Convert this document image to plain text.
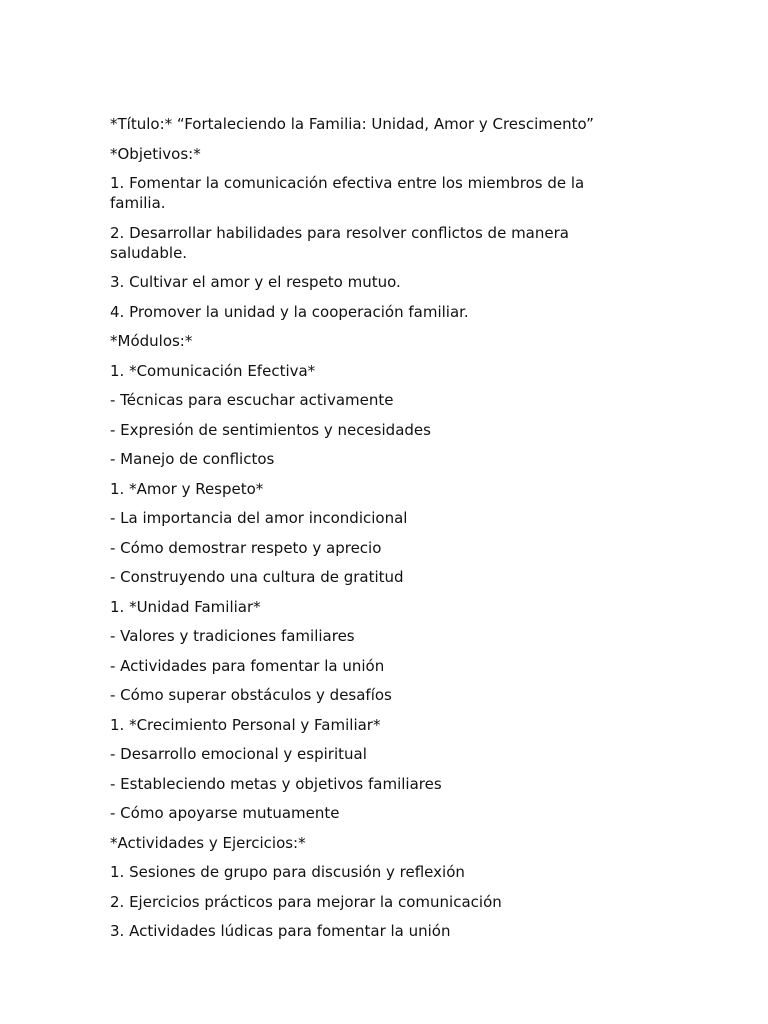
*Título:* “Fortaleciendo la Familia: Unidad, Amor y Crescimento”

*Objetivos:*

1. Fomentar la comunicación efectiva entre los miembros de la familia.

2. Desarrollar habilidades para resolver conflictos de manera saludable.

3. Cultivar el amor y el respeto mutuo.

4. Promover la unidad y la cooperación familiar.

*Módulos:*

1. *Comunicación Efectiva*

- Técnicas para escuchar activamente

- Expresión de sentimientos y necesidades

- Manejo de conflictos

1. *Amor y Respeto*

- La importancia del amor incondicional

- Cómo demostrar respeto y aprecio

- Construyendo una cultura de gratitud

1. *Unidad Familiar*

- Valores y tradiciones familiares

- Actividades para fomentar la unión

- Cómo superar obstáculos y desafíos

1. *Crecimiento Personal y Familiar*

- Desarrollo emocional y espiritual

- Estableciendo metas y objetivos familiares

- Cómo apoyarse mutuamente

*Actividades y Ejercicios:*

1. Sesiones de grupo para discusión y reflexión

2. Ejercicios prácticos para mejorar la comunicación

3. Actividades lúdicas para fomentar la unión
